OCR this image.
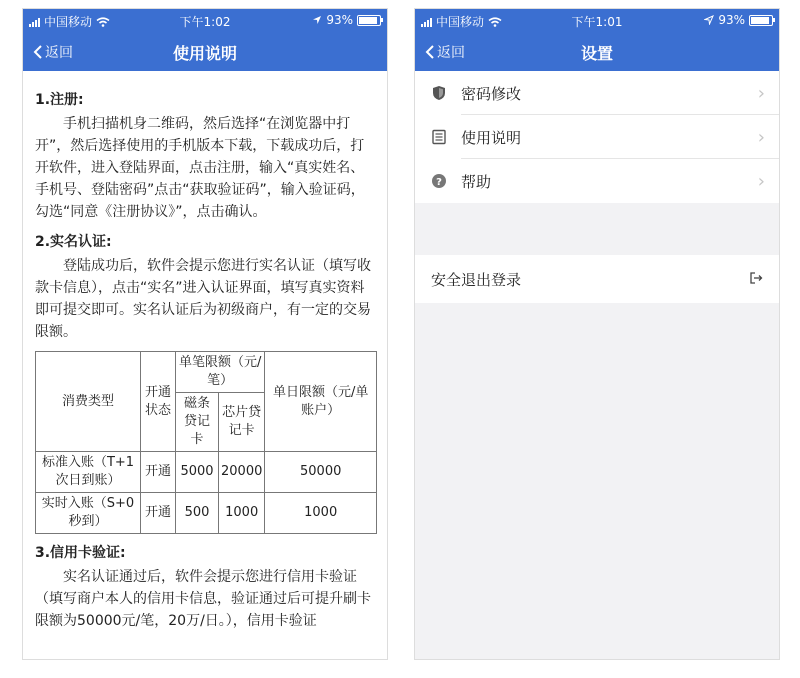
中国移动	下午1:02	93%
返回	使用说明
1.注册:

手机扫描机身二维码，然后选择“在浏览器中打开”，然后选择使用的手机版本下载，下载成功后，打开软件，进入登陆界面，点击注册，输入“真实姓名、手机号、登陆密码”点击“获取验证码”，输入验证码，勾选“同意《注册协议》”，点击确认。

2.实名认证:

登陆成功后，软件会提示您进行实名认证（填写收款卡信息），点击“实名”进入认证界面，填写真实资料即可提交即可。实名认证后为初级商户，有一定的交易限额。

消费类型	开通状态	单笔限额（元/笔）		单日限额（元/单账户）
		磁条贷记卡	芯片贷记卡	
标准入账（T+1次日到账）	开通	5000	20000	50000
实时入账（S+0秒到）	开通	500	1000	1000
3.信用卡验证:

实名认证通过后，软件会提示您进行信用卡验证（填写商户本人的信用卡信息，验证通过后可提升刷卡限额为50000元/笔，20万/日。），信用卡验证

中国移动	下午1:01	93%
返回	设置
密码修改	›
使用说明	›
? 帮助	›
安全退出登录
